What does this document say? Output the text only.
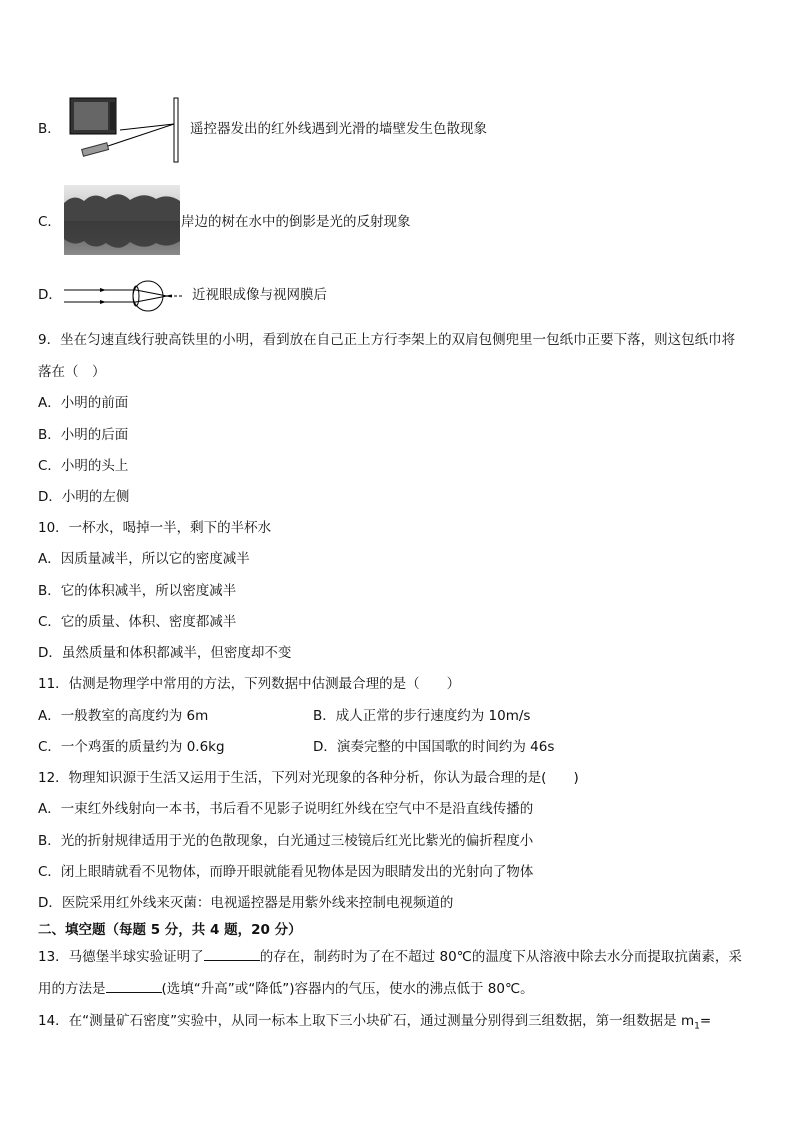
B．	遥控器发出的红外线遇到光滑的墙壁发生色散现象
C．	岸边的树在水中的倒影是光的反射现象
D．	近视眼成像与视网膜后
9．坐在匀速直线行驶高铁里的小明，看到放在自己正上方行李架上的双肩包侧兜里一包纸巾正要下落，则这包纸巾将
落在（　）
A．小明的前面
B．小明的后面
C．小明的头上
D．小明的左侧
10．一杯水，喝掉一半，剩下的半杯水
A．因质量减半，所以它的密度减半
B．它的体积减半，所以密度减半
C．它的质量、体积、密度都减半
D．虽然质量和体积都减半，但密度却不变
11．估测是物理学中常用的方法，下列数据中估测最合理的是（　　）
A．一般教室的高度约为 6m	B．成人正常的步行速度约为 10m/s
C．一个鸡蛋的质量约为 0.6kg	D．演奏完整的中国国歌的时间约为 46s
12．物理知识源于生活又运用于生活，下列对光现象的各种分析，你认为最合理的是(　　)
A．一束红外线射向一本书，书后看不见影子说明红外线在空气中不是沿直线传播的
B．光的折射规律适用于光的色散现象，白光通过三棱镜后红光比紫光的偏折程度小
C．闭上眼睛就看不见物体，而睁开眼就能看见物体是因为眼睛发出的光射向了物体
D．医院采用红外线来灭菌：电视遥控器是用紫外线来控制电视频道的
二、填空题（每题 5 分，共 4 题，20 分）
13．马德堡半球实验证明了	的存在，制药时为了在不超过 80℃的温度下从溶液中除去水分而提取抗菌素，采
用的方法是	(选填“升高”或“降低”)容器内的气压，使水的沸点低于 80℃。
14．在“测量矿石密度”实验中，从同一标本上取下三小块矿石，通过测量分别得到三组数据，第一组数据是 $m_1=$
